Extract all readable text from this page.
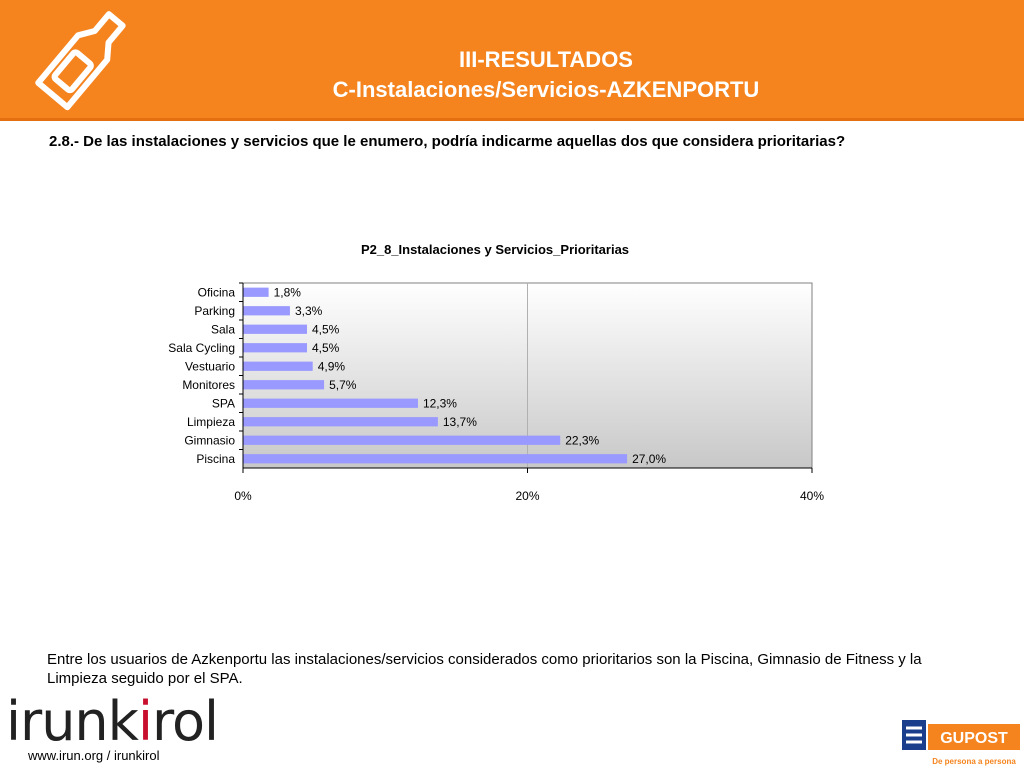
III-RESULTADOS
C-Instalaciones/Servicios-AZKENPORTU
2.8.- De las instalaciones y servicios que le enumero, podría indicarme aquellas dos que considera prioritarias?
P2_8_Instalaciones y Servicios_Prioritarias
1,8%
3,3%
4,5%
4,5%
4,9%
5,7%
12,3%
13,7%
22,3%
27,0%
Oficina
Parking
Sala
Sala Cycling
Vestuario
Monitores
SPA
Limpieza
Gimnasio
Piscina
0%	20%	40%
Entre los usuarios de Azkenportu las instalaciones/servicios considerados como prioritarios son la Piscina, Gimnasio de Fitness y la Limpieza seguido por el SPA.
irunkirol
www.irun.org / irunkirol
GUPOST
De persona a persona
